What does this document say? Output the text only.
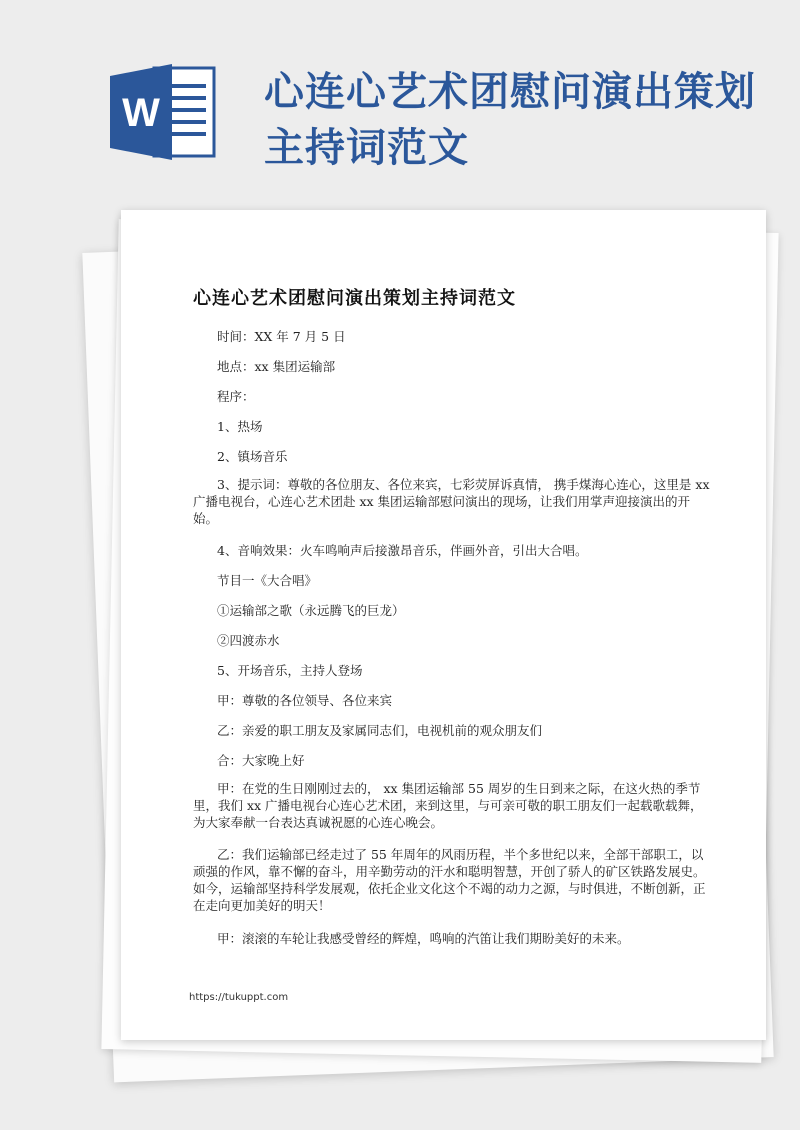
W	心连心艺术团慰问演出策划主持词范文
心连心艺术团慰问演出策划主持词范文

时间：XX 年 7 月 5 日

地点：xx 集团运输部

程序：

1、热场

2、镇场音乐

3、提示词：尊敬的各位朋友、各位来宾，七彩荧屏诉真情， 携手煤海心连心，这里是 xx 广播电视台，心连心艺术团赴 xx 集团运输部慰问演出的现场，让我们用掌声迎接演出的开始。

4、音响效果：火车鸣响声后接激昂音乐，伴画外音，引出大合唱。

节目一《大合唱》

①运输部之歌（永远腾飞的巨龙）

②四渡赤水

5、开场音乐，主持人登场

甲：尊敬的各位领导、各位来宾

乙：亲爱的职工朋友及家属同志们，电视机前的观众朋友们

合：大家晚上好

甲：在党的生日刚刚过去的， xx 集团运输部 55 周岁的生日到来之际，在这火热的季节里，我们 xx 广播电视台心连心艺术团，来到这里，与可亲可敬的职工朋友们一起载歌载舞，为大家奉献一台表达真诚祝愿的心连心晚会。

乙：我们运输部已经走过了 55 年周年的风雨历程，半个多世纪以来，全部干部职工，以顽强的作风，靠不懈的奋斗，用辛勤劳动的汗水和聪明智慧，开创了骄人的矿区铁路发展史。如今，运输部坚持科学发展观，依托企业文化这个不竭的动力之源，与时俱进，不断创新，正在走向更加美好的明天！

甲：滚滚的车轮让我感受曾经的辉煌，鸣响的汽笛让我们期盼美好的未来。

https://tukuppt.com
